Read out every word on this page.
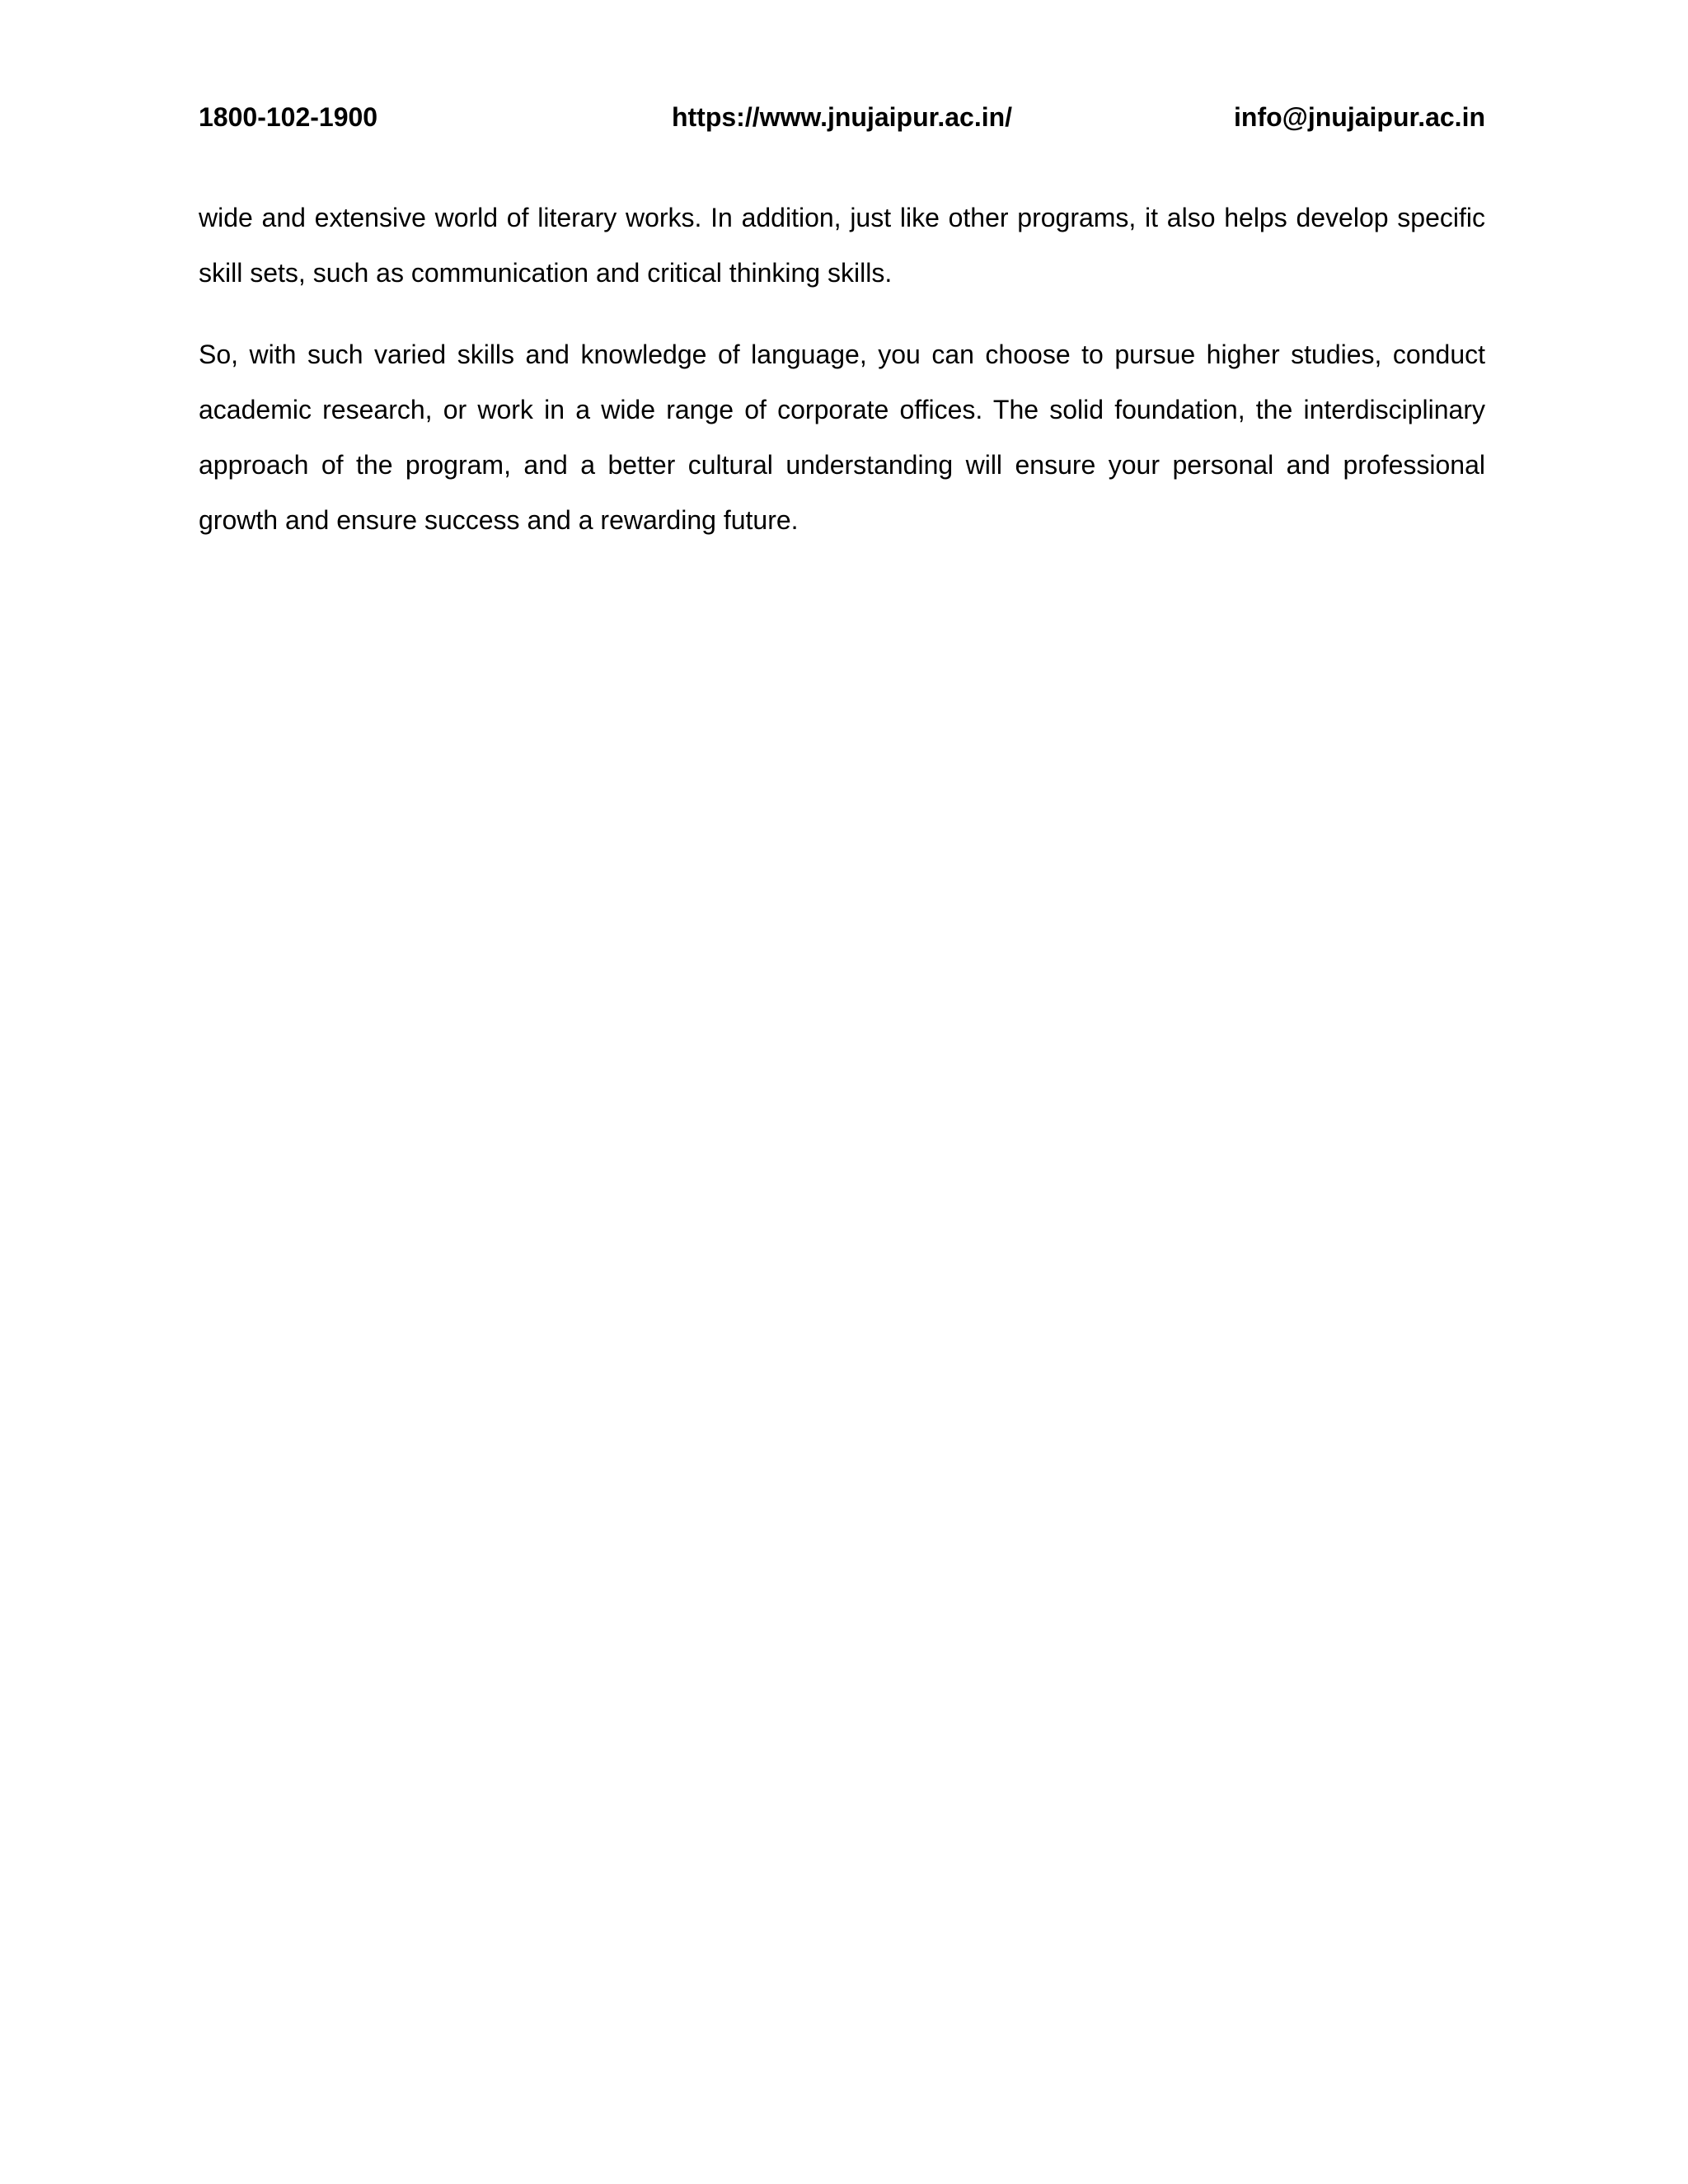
1800-102-1900	https://www.jnujaipur.ac.in/	info@jnujaipur.ac.in

wide and extensive world of literary works. In addition, just like other programs, it also helps develop specific skill sets, such as communication and critical thinking skills.

So, with such varied skills and knowledge of language, you can choose to pursue higher studies, conduct academic research, or work in a wide range of corporate offices. The solid foundation, the interdisciplinary approach of the program, and a better cultural understanding will ensure your personal and professional growth and ensure success and a rewarding future.
